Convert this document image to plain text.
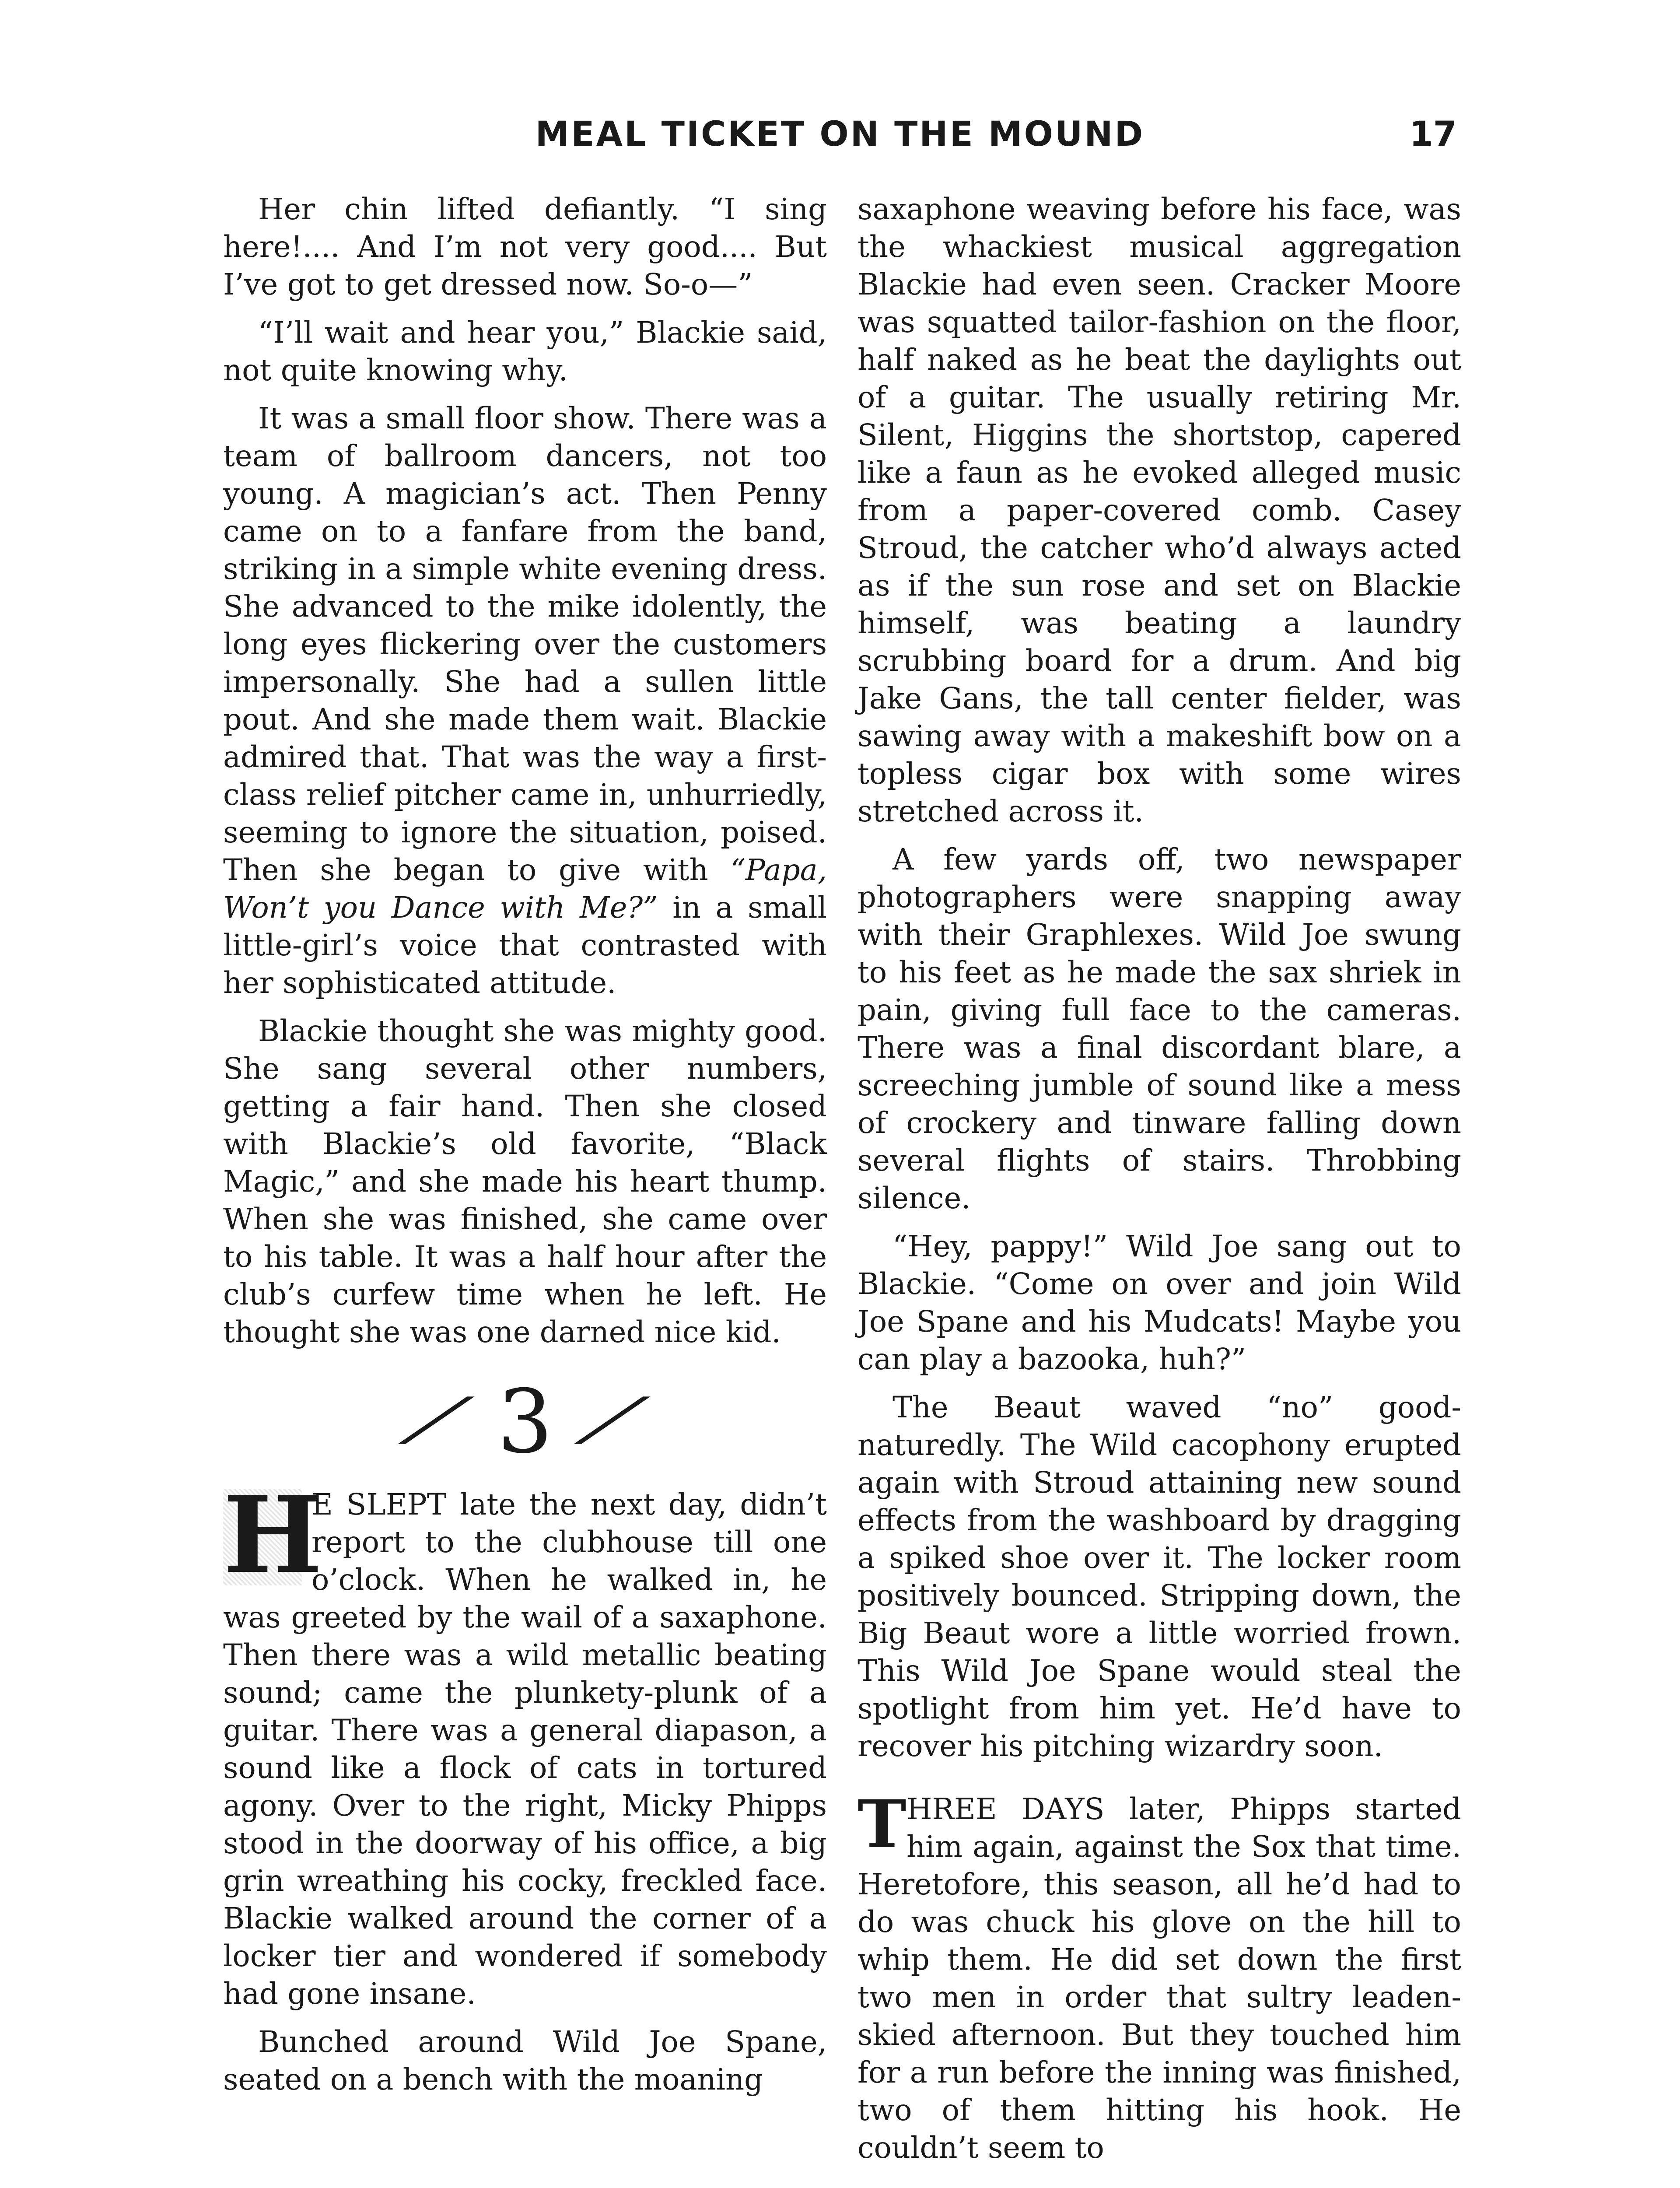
MEAL TICKET ON THE MOUND	17

Her chin lifted defiantly. “I sing here!.... And I’m not very good.... But I’ve got to get dressed now. So-o—”

“I’ll wait and hear you,” Blackie said, not quite knowing why.

It was a small floor show. There was a team of ballroom dancers, not too young. A magician’s act. Then Penny came on to a fanfare from the band, striking in a simple white evening dress. She advanced to the mike idolently, the long eyes flickering over the customers impersonally. She had a sullen little pout. And she made them wait. Blackie admired that. That was the way a first-class relief pitcher came in, unhurriedly, seeming to ignore the situation, poised. Then she began to give with “Papa, Won’t you Dance with Me?” in a small little-girl’s voice that contrasted with her sophisticated attitude.

Blackie thought she was mighty good. She sang several other numbers, getting a fair hand. Then she closed with Blackie’s old favorite, “Black Magic,” and she made his heart thump. When she was finished, she came over to his table. It was a half hour after the club’s curfew time when he left. He thought she was one darned nice kid.

∕ 3 ∕

H
E SLEPT late the next day, didn’t report to the clubhouse till one o’clock. When he walked in, he was greeted by the wail of a saxaphone. Then there was a wild metallic beating sound; came the plunkety-plunk of a guitar. There was a general diapason, a sound like a flock of cats in tortured agony. Over to the right, Micky Phipps stood in the doorway of his office, a big grin wreathing his cocky, freckled face. Blackie walked around the corner of a locker tier and wondered if somebody had gone insane.

Bunched around Wild Joe Spane, seated on a bench with the moaning

saxaphone weaving before his face, was the whackiest musical aggregation Blackie had even seen. Cracker Moore was squatted tailor-fashion on the floor, half naked as he beat the daylights out of a guitar. The usually retiring Mr. Silent, Higgins the shortstop, capered like a faun as he evoked alleged music from a paper-covered comb. Casey Stroud, the catcher who’d always acted as if the sun rose and set on Blackie himself, was beating a laundry scrubbing board for a drum. And big Jake Gans, the tall center fielder, was sawing away with a makeshift bow on a topless cigar box with some wires stretched across it.

A few yards off, two newspaper photographers were snapping away with their Graphlexes. Wild Joe swung to his feet as he made the sax shriek in pain, giving full face to the cameras. There was a final discordant blare, a screeching jumble of sound like a mess of crockery and tinware falling down several flights of stairs. Throbbing silence.

“Hey, pappy!” Wild Joe sang out to Blackie. “Come on over and join Wild Joe Spane and his Mudcats! Maybe you can play a bazooka, huh?”

The Beaut waved “no” good-naturedly. The Wild cacophony erupted again with Stroud attaining new sound effects from the washboard by dragging a spiked shoe over it. The locker room positively bounced. Stripping down, the Big Beaut wore a little worried frown. This Wild Joe Spane would steal the spotlight from him yet. He’d have to recover his pitching wizardry soon.

THREE DAYS later, Phipps started him again, against the Sox that time. Heretofore, this season, all he’d had to do was chuck his glove on the hill to whip them. He did set down the first two men in order that sultry leaden-skied afternoon. But they touched him for a run before the inning was finished, two of them hitting his hook. He couldn’t seem to
